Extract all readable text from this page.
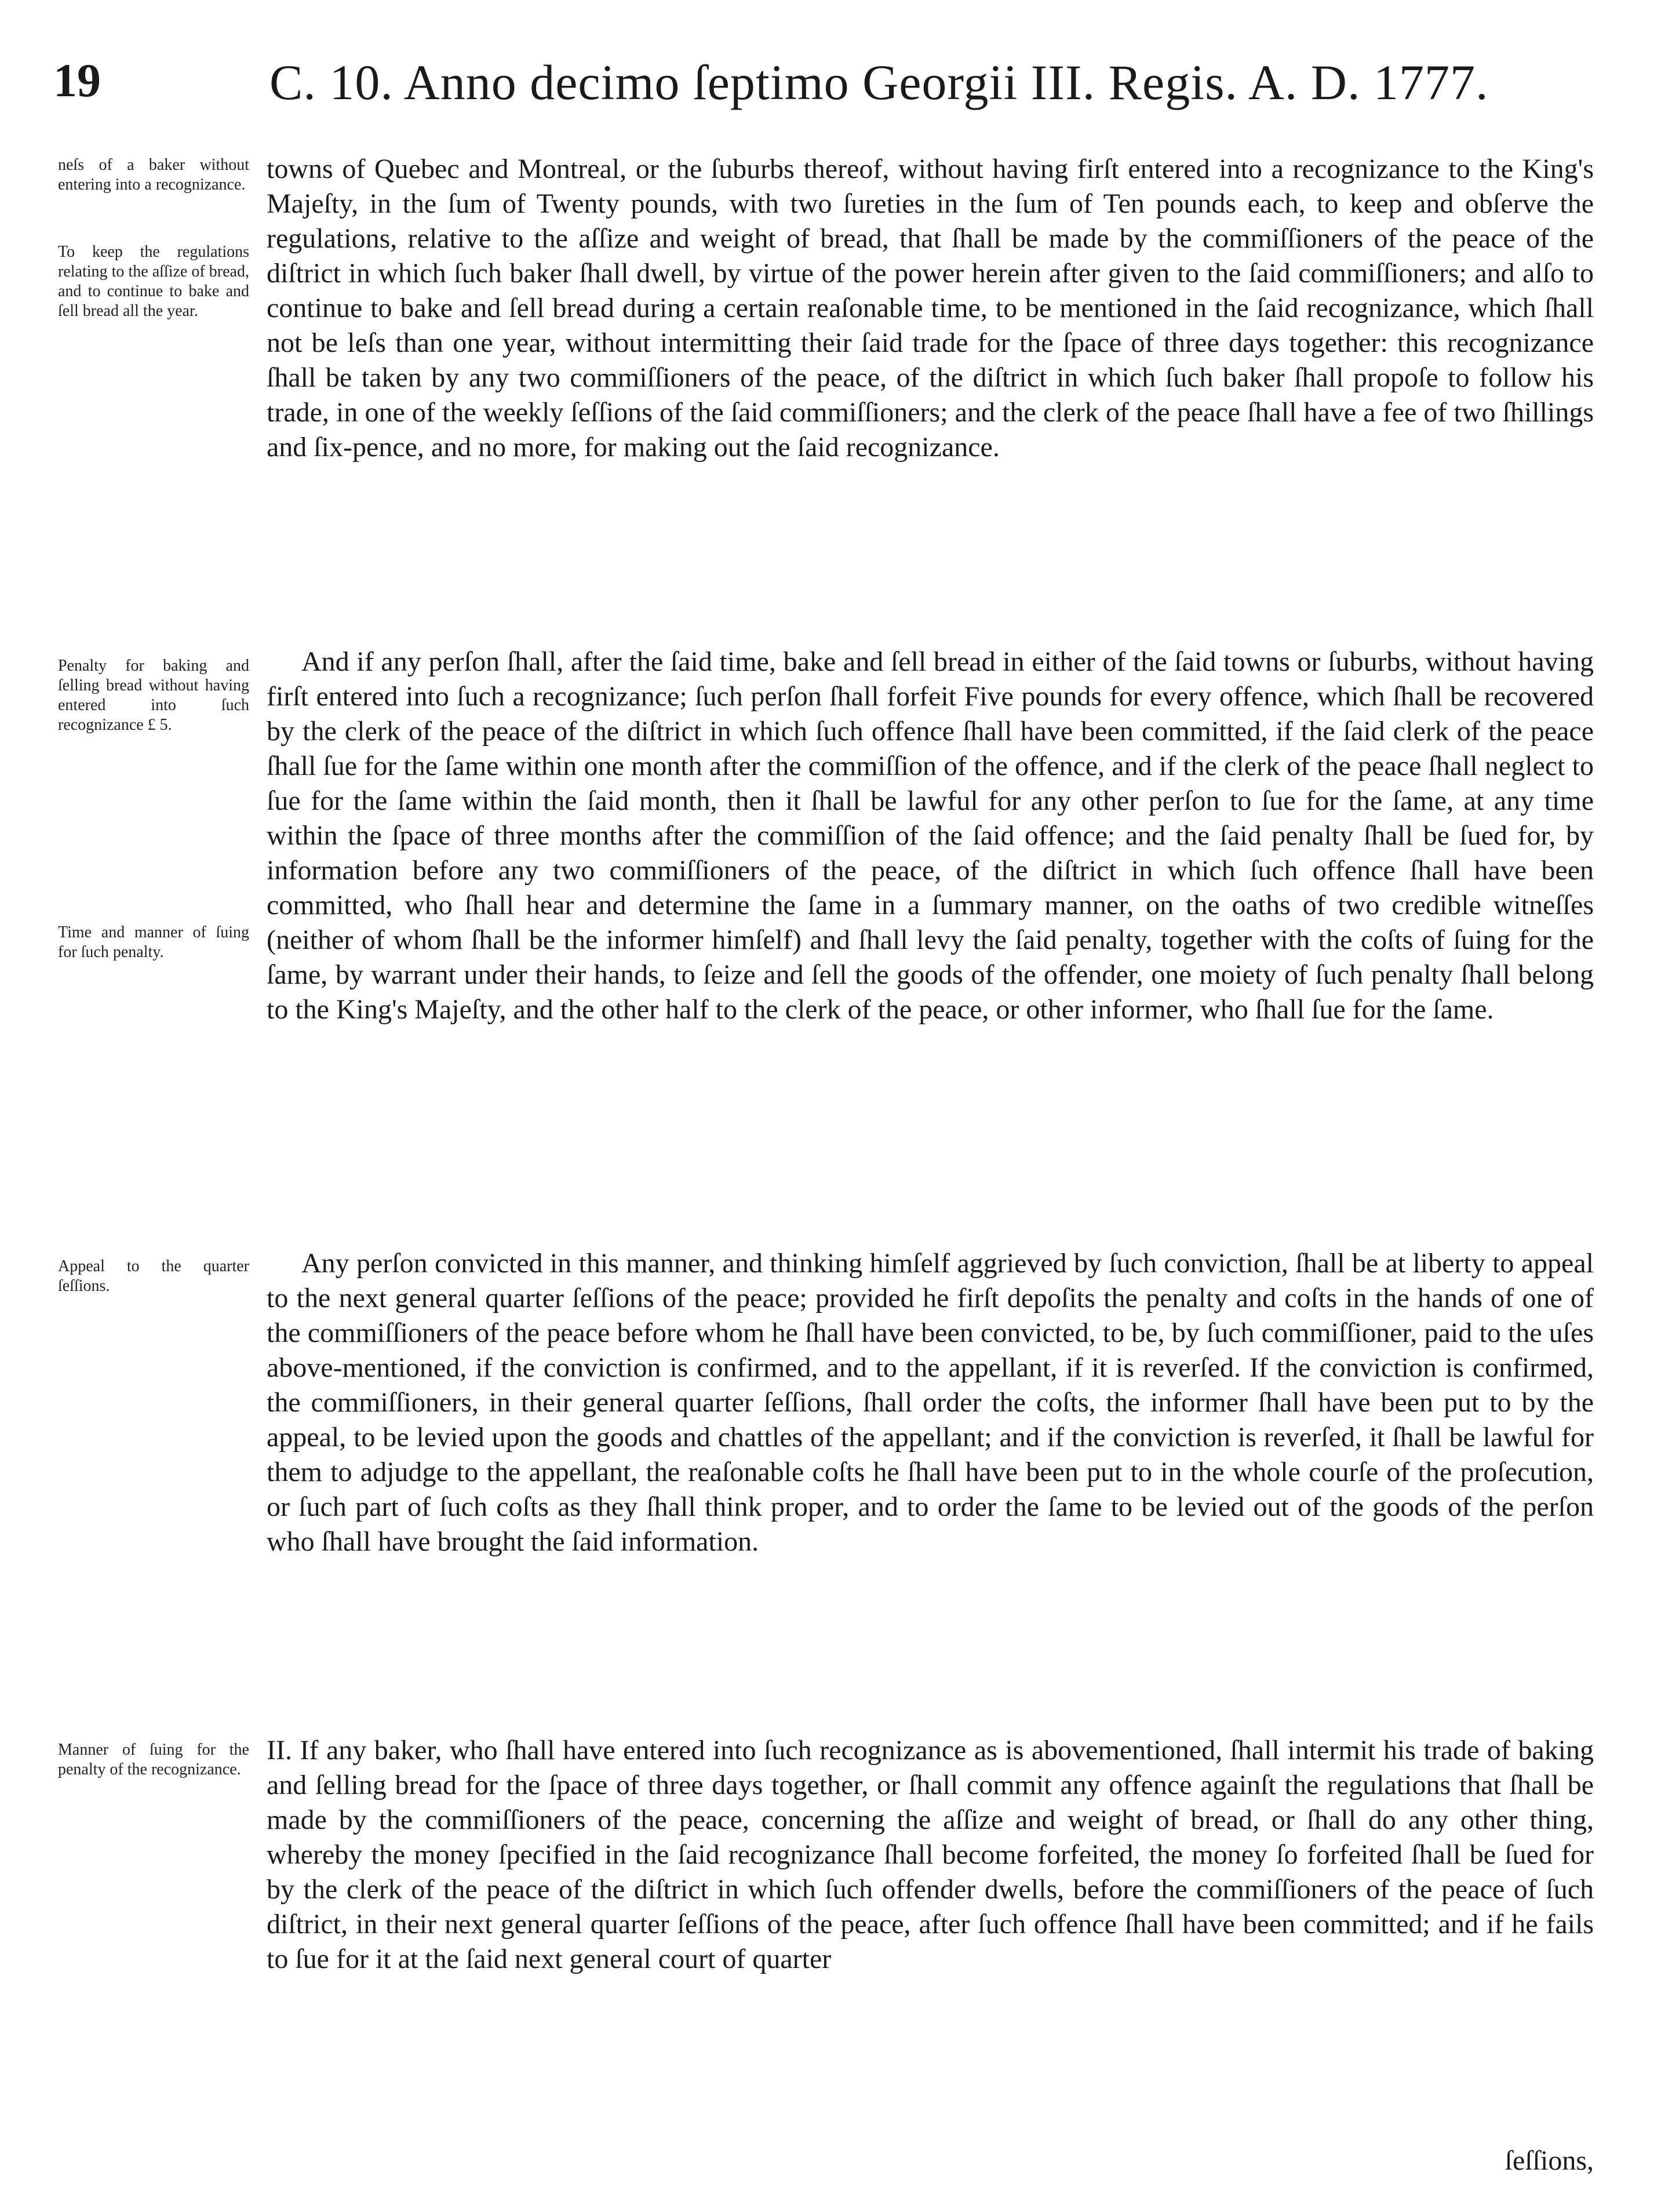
19	C. 10. Anno decimo ſeptimo Georgii III. Regis. A. D. 1777.
neſs of a baker without entering into a recognizance.
To keep the regulations relating to the aſſize of bread, and to continue to bake and ſell bread all the year.
Penalty for baking and ſelling bread without having entered into ſuch recognizance £ 5.
Time and manner of ſuing for ſuch penalty.
Appeal to the quarter ſeſſions.
Manner of ſuing for the penalty of the recognizance.

towns of Quebec and Montreal, or the ſuburbs thereof, without having firſt entered into a recognizance to the King's Majeſty, in the ſum of Twenty pounds, with two ſureties in the ſum of Ten pounds each, to keep and obſerve the regulations, relative to the aſſize and weight of bread, that ſhall be made by the commiſſioners of the peace of the diſtrict in which ſuch baker ſhall dwell, by virtue of the power herein after given to the ſaid commiſſioners; and alſo to continue to bake and ſell bread during a certain reaſonable time, to be mentioned in the ſaid recognizance, which ſhall not be leſs than one year, without intermitting their ſaid trade for the ſpace of three days together: this recognizance ſhall be taken by any two commiſſioners of the peace, of the diſtrict in which ſuch baker ſhall propoſe to follow his trade, in one of the weekly ſeſſions of the ſaid commiſſioners; and the clerk of the peace ſhall have a fee of two ſhillings and ſix-pence, and no more, for making out the ſaid recognizance.

And if any perſon ſhall, after the ſaid time, bake and ſell bread in either of the ſaid towns or ſuburbs, without having firſt entered into ſuch a recognizance; ſuch perſon ſhall forfeit Five pounds for every offence, which ſhall be recovered by the clerk of the peace of the diſtrict in which ſuch offence ſhall have been committed, if the ſaid clerk of the peace ſhall ſue for the ſame within one month after the commiſſion of the offence, and if the clerk of the peace ſhall neglect to ſue for the ſame within the ſaid month, then it ſhall be lawful for any other perſon to ſue for the ſame, at any time within the ſpace of three months after the commiſſion of the ſaid offence; and the ſaid penalty ſhall be ſued for, by information before any two commiſſioners of the peace, of the diſtrict in which ſuch offence ſhall have been committed, who ſhall hear and determine the ſame in a ſummary manner, on the oaths of two credible witneſſes (neither of whom ſhall be the informer himſelf) and ſhall levy the ſaid penalty, together with the coſts of ſuing for the ſame, by warrant under their hands, to ſeize and ſell the goods of the offender, one moiety of ſuch penalty ſhall belong to the King's Majeſty, and the other half to the clerk of the peace, or other informer, who ſhall ſue for the ſame.

Any perſon convicted in this manner, and thinking himſelf aggrieved by ſuch conviction, ſhall be at liberty to appeal to the next general quarter ſeſſions of the peace; provided he firſt depoſits the penalty and coſts in the hands of one of the commiſſioners of the peace before whom he ſhall have been convicted, to be, by ſuch commiſſioner, paid to the uſes above-mentioned, if the conviction is confirmed, and to the appellant, if it is reverſed. If the conviction is confirmed, the commiſſioners, in their general quarter ſeſſions, ſhall order the coſts, the informer ſhall have been put to by the appeal, to be levied upon the goods and chattles of the appellant; and if the conviction is reverſed, it ſhall be lawful for them to adjudge to the appellant, the reaſonable coſts he ſhall have been put to in the whole courſe of the proſecution, or ſuch part of ſuch coſts as they ſhall think proper, and to order the ſame to be levied out of the goods of the perſon who ſhall have brought the ſaid information.

II. If any baker, who ſhall have entered into ſuch recognizance as is abovementioned, ſhall intermit his trade of baking and ſelling bread for the ſpace of three days together, or ſhall commit any offence againſt the regulations that ſhall be made by the commiſſioners of the peace, concerning the aſſize and weight of bread, or ſhall do any other thing, whereby the money ſpecified in the ſaid recognizance ſhall become forfeited, the money ſo forfeited ſhall be ſued for by the clerk of the peace of the diſtrict in which ſuch offender dwells, before the commiſſioners of the peace of ſuch diſtrict, in their next general quarter ſeſſions of the peace, after ſuch offence ſhall have been committed; and if he fails to ſue for it at the ſaid next general court of quarter

ſeſſions,
